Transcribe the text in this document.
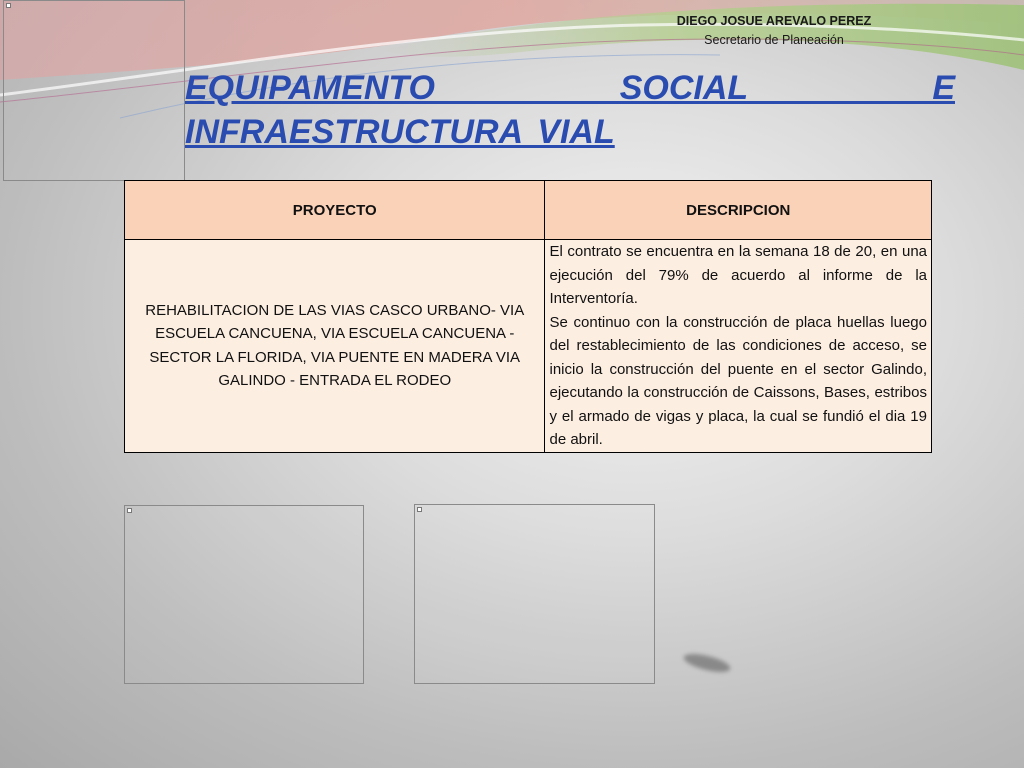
DIEGO JOSUE AREVALO PEREZ
Secretario de Planeación
EQUIPAMENTO SOCIAL E INFRAESTRUCTURA VIAL
PROYECTO	DESCRIPCION
REHABILITACION DE LAS VIAS CASCO URBANO- VIA ESCUELA CANCUENA, VIA ESCUELA CANCUENA - SECTOR LA FLORIDA, VIA PUENTE EN MADERA VIA GALINDO - ENTRADA EL RODEO	El contrato se encuentra en la semana 18 de 20, en una ejecución del 79% de acuerdo al informe de la Interventoría.

Se continuo con la construcción de placa huellas luego del restablecimiento de las condiciones de acceso, se inicio la construcción del puente en el sector Galindo, ejecutando la construcción de Caissons, Bases, estribos y el armado de vigas y placa, la cual se fundió el dia 19 de abril.
